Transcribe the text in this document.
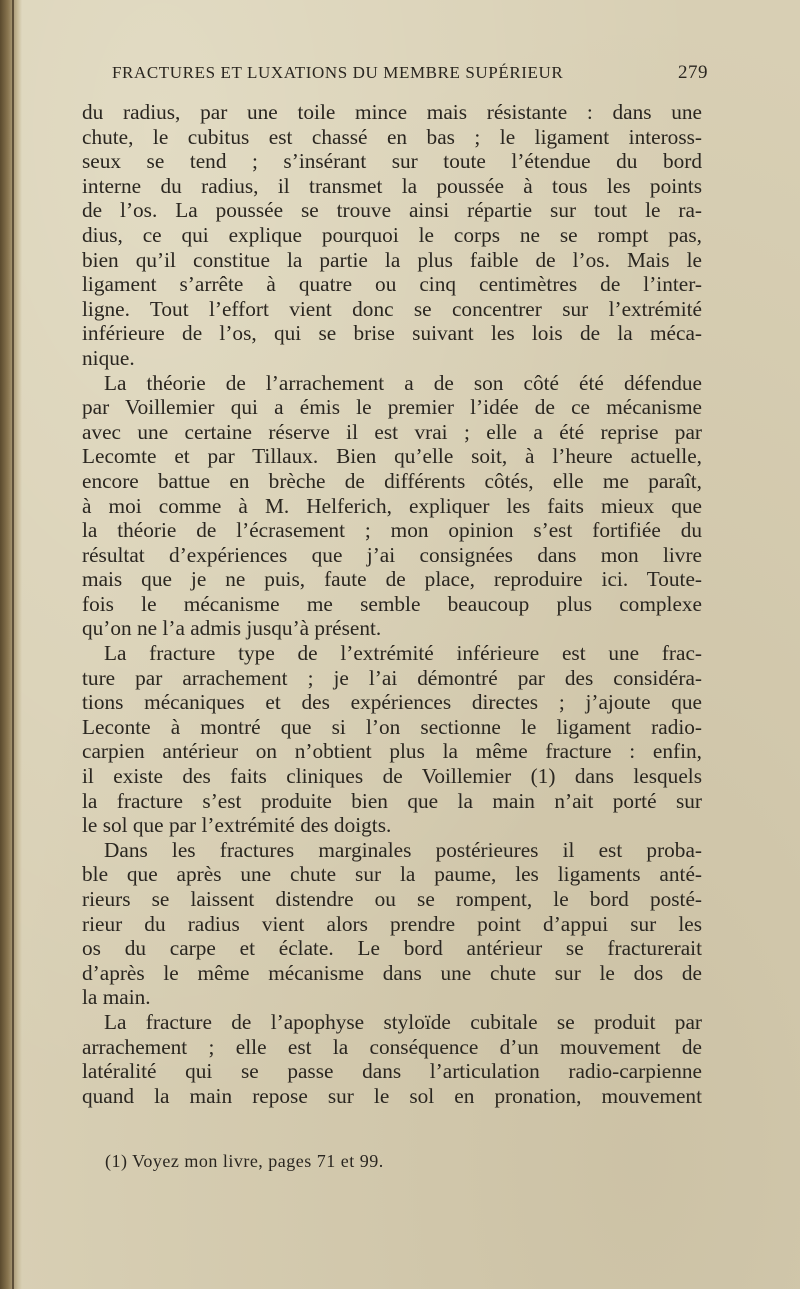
FRACTURES ET LUXATIONS DU MEMBRE SUPÉRIEUR	279
du radius, par une toile mince mais résistante : dans une
chute, le cubitus est chassé en bas ; le ligament inteross-
seux se tend ; s’insérant sur toute l’étendue du bord
interne du radius, il transmet la poussée à tous les points
de l’os. La poussée se trouve ainsi répartie sur tout le ra-
dius, ce qui explique pourquoi le corps ne se rompt pas,
bien qu’il constitue la partie la plus faible de l’os. Mais le
ligament s’arrête à quatre ou cinq centimètres de l’inter-
ligne. Tout l’effort vient donc se concentrer sur l’extrémité
inférieure de l’os, qui se brise suivant les lois de la méca-
nique.
La théorie de l’arrachement a de son côté été défendue
par Voillemier qui a émis le premier l’idée de ce mécanisme
avec une certaine réserve il est vrai ; elle a été reprise par
Lecomte et par Tillaux. Bien qu’elle soit, à l’heure actuelle,
encore battue en brèche de différents côtés, elle me paraît,
à moi comme à M. Helferich, expliquer les faits mieux que
la théorie de l’écrasement ; mon opinion s’est fortifiée du
résultat d’expériences que j’ai consignées dans mon livre
mais que je ne puis, faute de place, reproduire ici. Toute-
fois le mécanisme me semble beaucoup plus complexe
qu’on ne l’a admis jusqu’à présent.
La fracture type de l’extrémité inférieure est une frac-
ture par arrachement ; je l’ai démontré par des considéra-
tions mécaniques et des expériences directes ; j’ajoute que
Leconte à montré que si l’on sectionne le ligament radio-
carpien antérieur on n’obtient plus la même fracture : enfin,
il existe des faits cliniques de Voillemier (1) dans lesquels
la fracture s’est produite bien que la main n’ait porté sur
le sol que par l’extrémité des doigts.
Dans les fractures marginales postérieures il est proba-
ble que après une chute sur la paume, les ligaments anté-
rieurs se laissent distendre ou se rompent, le bord posté-
rieur du radius vient alors prendre point d’appui sur les
os du carpe et éclate. Le bord antérieur se fracturerait
d’après le même mécanisme dans une chute sur le dos de
la main.
La fracture de l’apophyse styloïde cubitale se produit par
arrachement ; elle est la conséquence d’un mouvement de
latéralité qui se passe dans l’articulation radio-carpienne
quand la main repose sur le sol en pronation, mouvement
(1) Voyez mon livre, pages 71 et 99.
